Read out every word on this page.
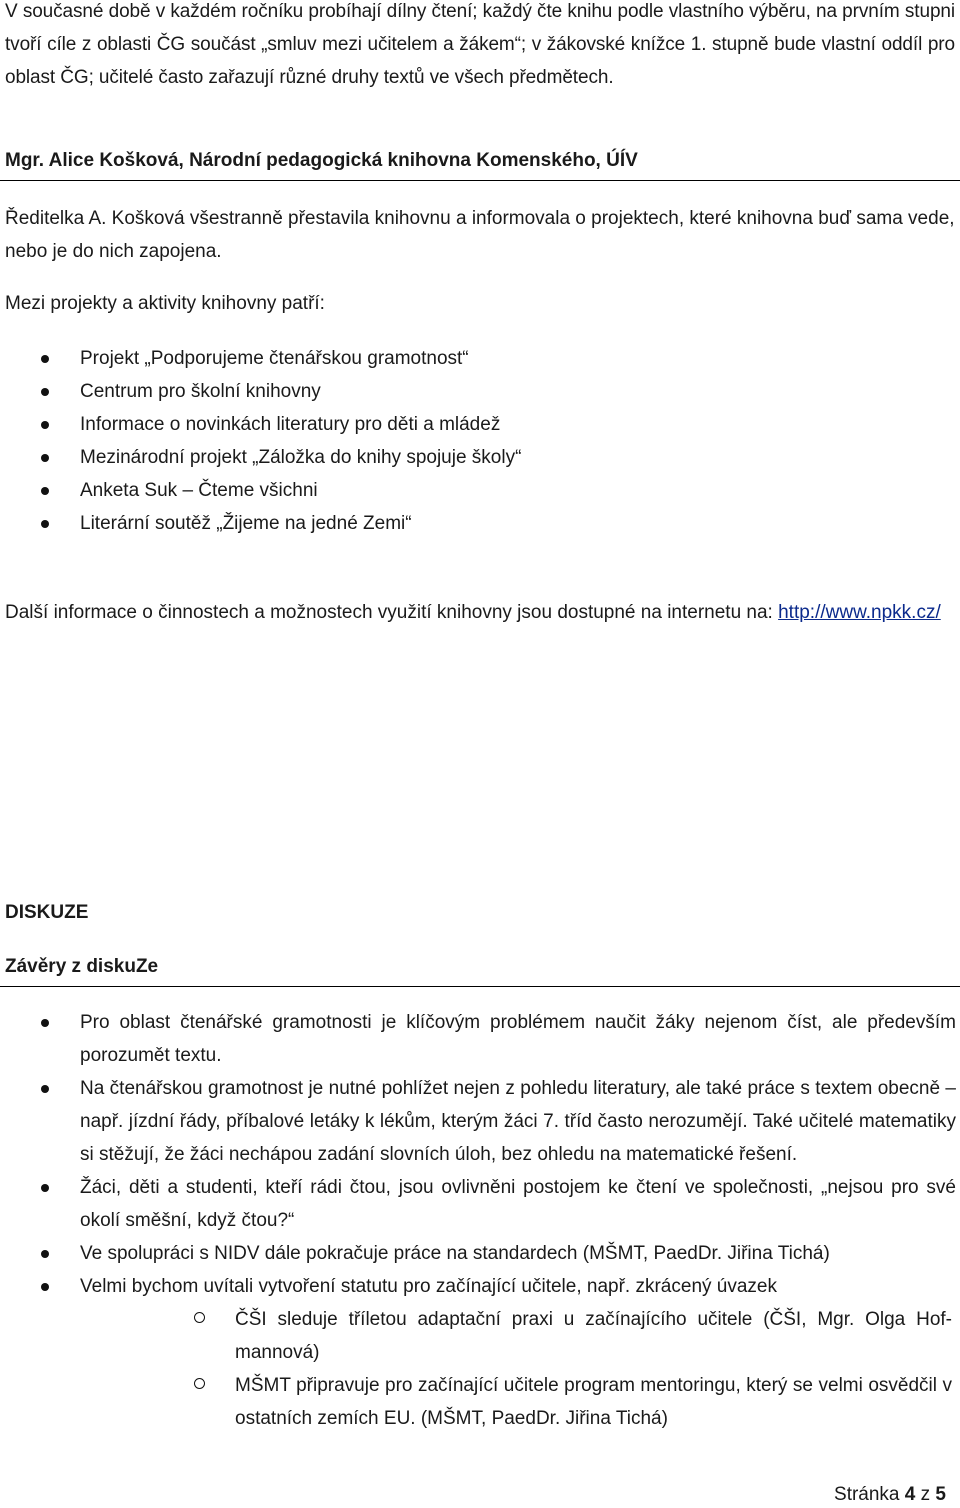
V současné době v každém ročníku probíhají dílny čtení; každý čte knihu podle vlastního výběru, na prvním stupni tvoří cíle z oblasti ČG součást „smluv mezi učitelem a žákem“; v žákovské knížce 1. stupně bude vlastní oddíl pro oblast ČG; učitelé často zařazují různé druhy textů ve všech předmětech.
Mgr. Alice Košková, Národní pedagogická knihovna Komenského, ÚÍV
Ředitelka A. Košková všestranně přestavila knihovnu a informovala o projektech, které knihovna buď sama vede, nebo je do nich zapojena.
Mezi projekty a aktivity knihovny patří:
Projekt „Podporujeme čtenářskou gramotnost“
Centrum pro školní knihovny
Informace o novinkách literatury pro děti a mládež
Mezinárodní projekt „Záložka do knihy spojuje školy“
Anketa Suk – Čteme všichni
Literární soutěž „Žijeme na jedné Zemi“
Další informace o činnostech a možnostech využití knihovny jsou dostupné na internetu na: http://www.npkk.cz/
DISKUZE
Závěry z diskuZe
Pro oblast čtenářské gramotnosti je klíčovým problémem naučit žáky nejenom číst, ale především porozumět textu.
Na čtenářskou gramotnost je nutné pohlížet nejen z pohledu literatury, ale také práce s textem obecně – např. jízdní řády, příbalové letáky k lékům, kterým žáci 7. tříd často nerozumějí. Také učitelé matematiky si stěžují, že žáci nechápou zadání slovních úloh, bez ohledu na matematické řešení.
Žáci, děti a studenti, kteří rádi čtou, jsou ovlivněni postojem ke čtení ve společnosti, „nejsou pro své okolí směšní, když čtou?“
Ve spolupráci s NIDV dále pokračuje práce na standardech (MŠMT, PaedDr. Jiřina Tichá)
Velmi bychom uvítali vytvoření statutu pro začínající učitele, např. zkrácený úvazek
ČŠI sleduje tříletou adaptační praxi u začínajícího učitele (ČŠI, Mgr. Olga Hof-mannová)
MŠMT připravuje pro začínající učitele program mentoringu, který se velmi osvědčil v ostatních zemích EU. (MŠMT, PaedDr. Jiřina Tichá)
Stránka 4 z 5
